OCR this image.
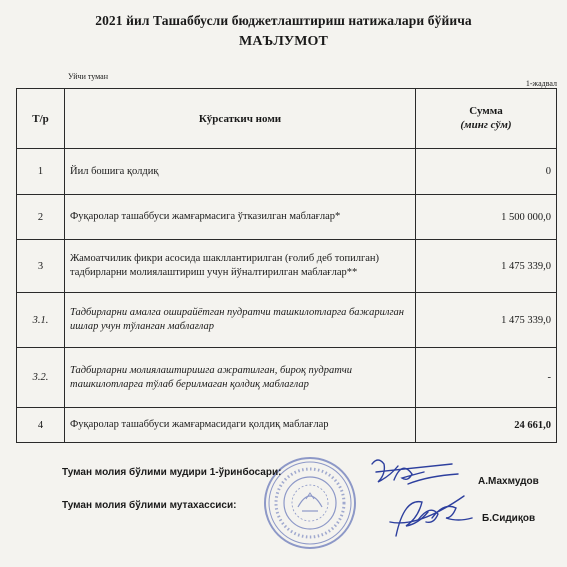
2021 йил Ташаббусли бюджетлаштириш натижалари бўйича
МАЪЛУМОТ
Уйчи туман
1-жадвал
Т/р	Кўрсаткич номи	Сумма
(минг сўм)

1	Йил бошига қолдиқ	0
2	Фуқаролар ташаббуси жамғармасига ўтказилган маблағлар*	1 500 000,0
3	Жамоатчилик фикри асосида шакллантирилган (ғолиб деб топилган) тадбирларни молиялаштириш учун йўналтирилган маблағлар**	1 475 339,0
3.1.	Тадбирларни амалга оширайётган пудратчи ташкилотларга бажарилган ишлар учун тўланган маблағлар	1 475 339,0
3.2.	Тадбирларни молиялаштиришга ажратилган, бироқ пудратчи ташкилотларга тўлаб берилмаган қолдиқ маблағлар	-
4	Фуқаролар ташаббуси жамғармасидаги қолдиқ маблағлар	24 661,0
Туман молия бўлими мудири 1-ўринбосари:
А.Махмудов
Туман молия бўлими мутахассиси:
Б.Сидиқов
